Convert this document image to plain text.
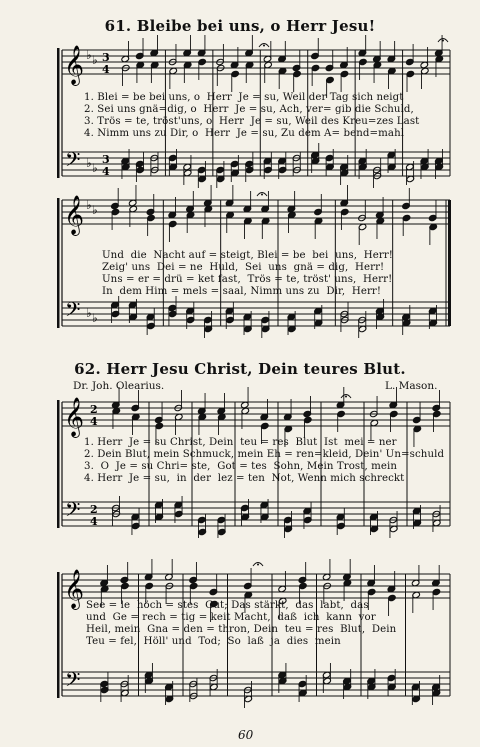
61. Bleibe bei uns, o Herr Jesu!
62. Herr Jesu Christ, Dein teures Blut.
Dr. Joh. Olearius.	L. Mason.
𝄞
𝄢
♭
♭
♭
♭
3
4
3
4
𝄞
𝄢
♭
♭
♭
♭
𝄞
𝄢
2
4
2
4
𝄞
𝄢
1. Blei = be bei uns, o  Herr  Je = su, Weil der Tag sich neigt
2. Sei uns gnä=dig, o  Herr  Je = su, Ach, ver= gib die Schuld,
3. Trös = te, tröst'uns, o  Herr  Je = su, Weil des Kreu=zes Last
4. Nimm uns zu Dir, o  Herr  Je = su, Zu dem A= bend=mahl
Und  die  Nacht auf = steigt, Blei = be  bei  uns,  Herr!
Zeig' uns  Dei = ne  Huld,  Sei  uns  gnä = dig,  Herr!
Uns = er = drü = ket fast,  Trös = te, tröst' uns,  Herr!
In  dem Him = mels = saal, Nimm uns zu  Dir,  Herr!
1. Herr  Je = su Christ, Dein  teu = res  Blut  Ist  mei = ner
2. Dein Blut, mein Schmuck, mein Eh = ren=kleid, Dein' Un=schuld
3.  O  Je = su Chri= ste,  Got = tes  Sohn, Mein Trost, mein
4. Herr  Je = su,  in  der  lez = ten  Not, Wenn mich schreckt
See = le  höch = stes  Gut; Das stärkt,  das  labt,  das
und  Ge = rech = tig = keit Macht,  daß  ich  kann  vor
Heil, mein  Gna = den = thron, Dein  teu = res  Blut,  Dein
Teu = fel,  Höll' und  Tod;  So  laß  ja  dies  mein
60
